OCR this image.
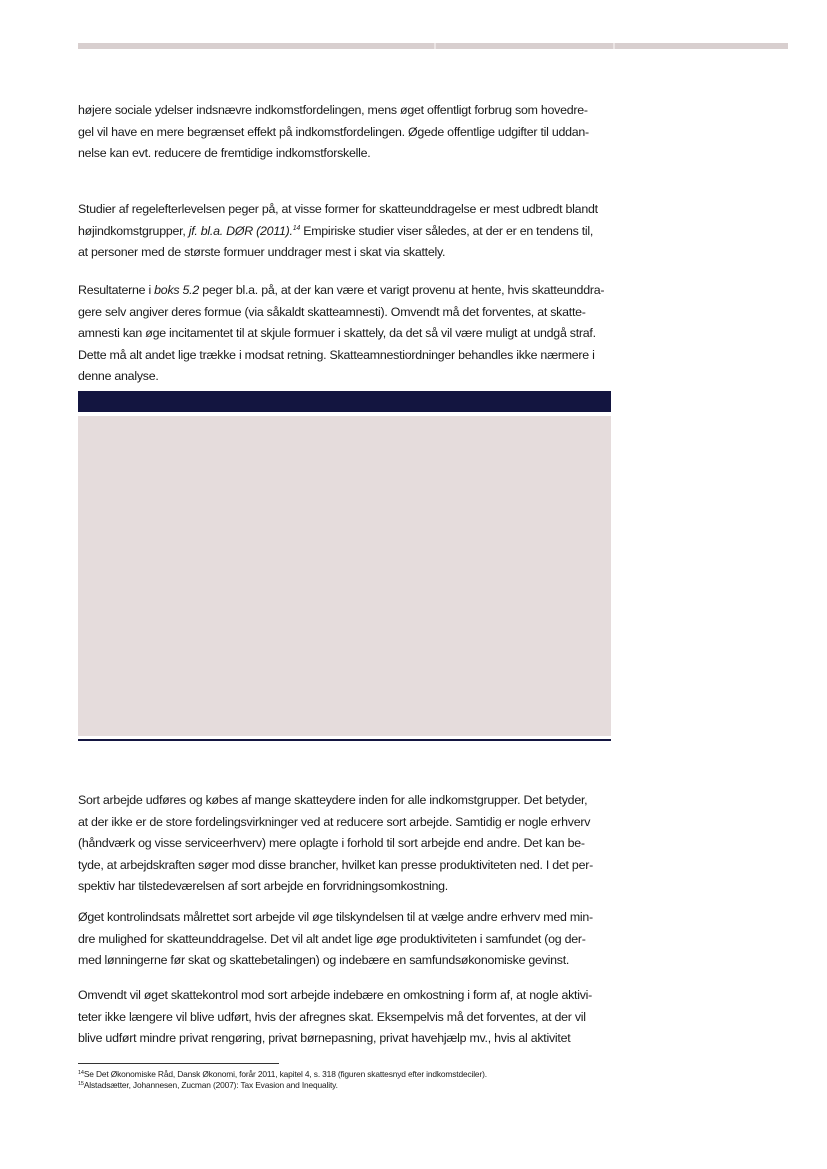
højere sociale ydelser indsnævre indkomstfordelingen, mens øget offentligt forbrug som hovedre-
gel vil have en mere begrænset effekt på indkomstfordelingen. Øgede offentlige udgifter til uddan-
nelse kan evt. reducere de fremtidige indkomstforskelle.

Studier af regelefterlevelsen peger på, at visse former for skatteunddragelse er mest udbredt blandt
højindkomstgrupper, jf. bl.a. DØR (2011).$^{14}$ Empiriske studier viser således, at der er en tendens til,
at personer med de største formuer unddrager mest i skat via skattely.

Resultaterne i boks 5.2 peger bl.a. på, at der kan være et varigt provenu at hente, hvis skatteunddra-
gere selv angiver deres formue (via såkaldt skatteamnesti). Omvendt må det forventes, at skatte-
amnesti kan øge incitamentet til at skjule formuer i skattely, da det så vil være muligt at undgå straf.
Dette må alt andet lige trække i modsat retning. Skatteamnestiordninger behandles ikke nærmere i
denne analyse.

Sort arbejde udføres og købes af mange skatteydere inden for alle indkomstgrupper. Det betyder,
at der ikke er de store fordelingsvirkninger ved at reducere sort arbejde. Samtidig er nogle erhverv
(håndværk og visse serviceerhverv) mere oplagte i forhold til sort arbejde end andre. Det kan be-
tyde, at arbejdskraften søger mod disse brancher, hvilket kan presse produktiviteten ned. I det per-
spektiv har tilstedeværelsen af sort arbejde en forvridningsomkostning.

Øget kontrolindsats målrettet sort arbejde vil øge tilskyndelsen til at vælge andre erhverv med min-
dre mulighed for skatteunddragelse. Det vil alt andet lige øge produktiviteten i samfundet (og der-
med lønningerne før skat og skattebetalingen) og indebære en samfundsøkonomiske gevinst.

Omvendt vil øget skattekontrol mod sort arbejde indebære en omkostning i form af, at nogle aktivi-
teter ikke længere vil blive udført, hvis der afregnes skat. Eksempelvis må det forventes, at der vil
blive udført mindre privat rengøring, privat børnepasning, privat havehjælp mv., hvis al aktivitet

$^{14}$Se Det Økonomiske Råd, Dansk Økonomi, forår 2011, kapitel 4, s. 318 (figuren skattesnyd efter indkomstdeciler).
$^{15}$Alstadsætter, Johannesen, Zucman (2007): Tax Evasion and Inequality.
